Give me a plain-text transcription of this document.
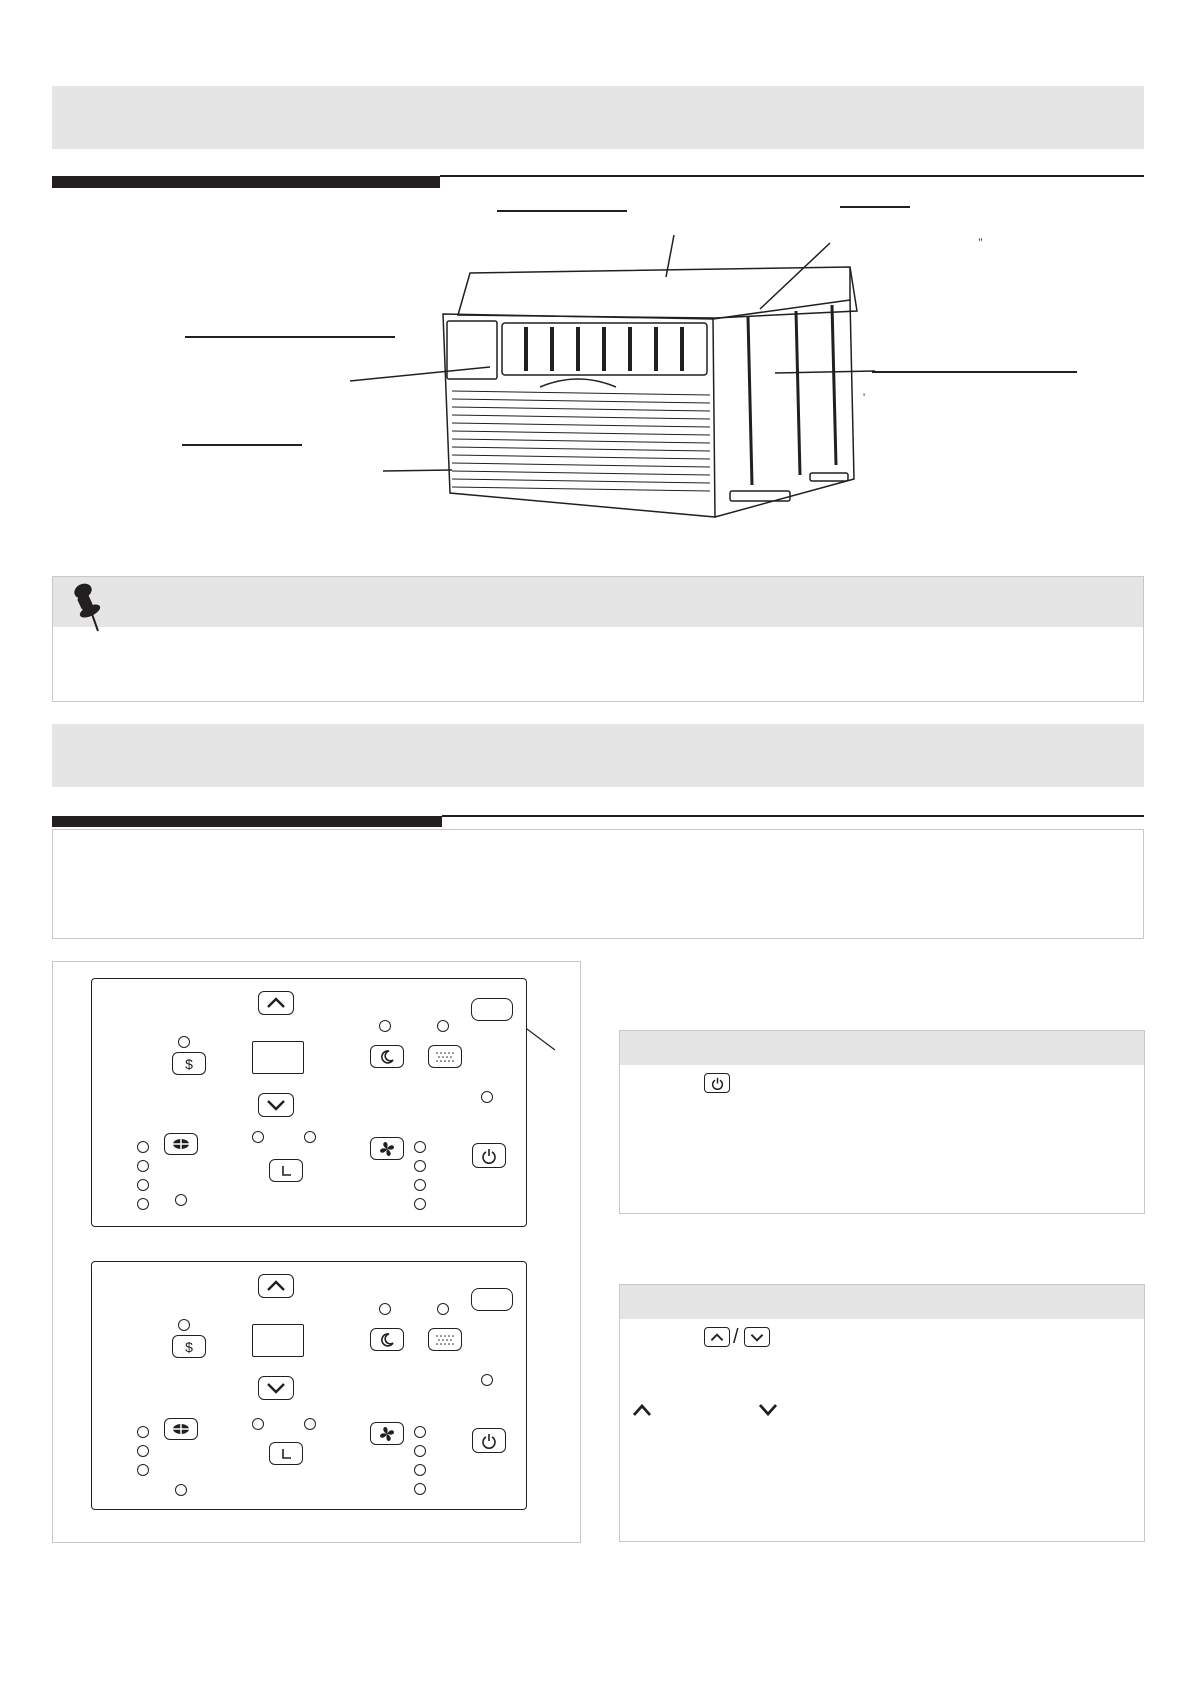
"
'
$
$	/
